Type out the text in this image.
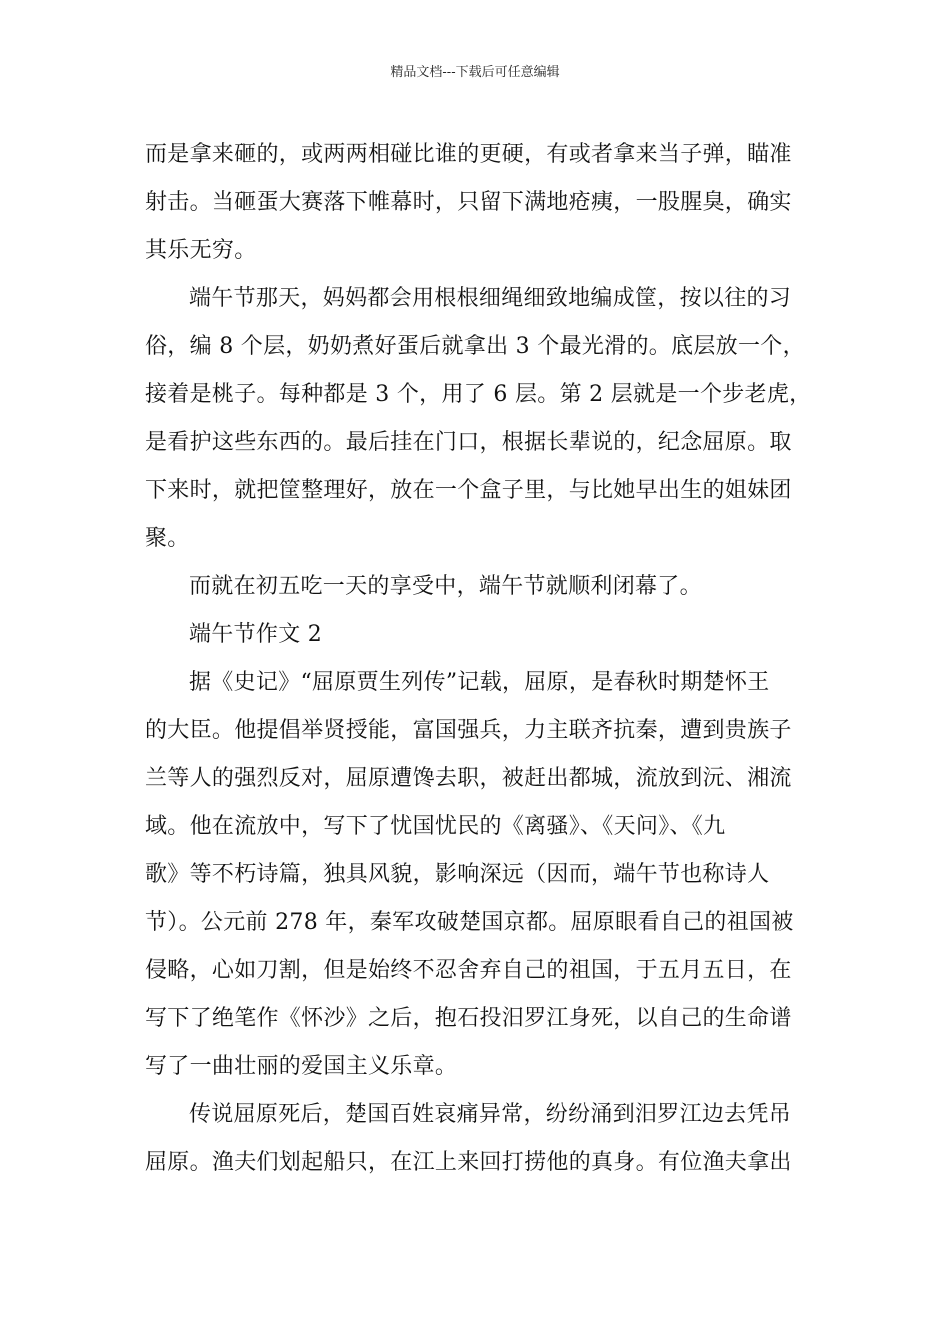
精品文档---下载后可任意编辑
而是拿来砸的，或两两相碰比谁的更硬，有或者拿来当子弹，瞄准
射击。当砸蛋大赛落下帷幕时，只留下满地疮痍，一股腥臭，确实
其乐无穷。
端午节那天，妈妈都会用根根细绳细致地编成筐，按以往的习
俗，编 8 个层，奶奶煮好蛋后就拿出 3 个最光滑的。底层放一个，
接着是桃子。每种都是 3 个，用了 6 层。第 2 层就是一个步老虎，
是看护这些东西的。最后挂在门口，根据长辈说的，纪念屈原。取
下来时，就把筐整理好，放在一个盒子里，与比她早出生的姐妹团
聚。
而就在初五吃一天的享受中，端午节就顺利闭幕了。
端午节作文 2
据《史记》“屈原贾生列传”记载，屈原，是春秋时期楚怀王
的大臣。他提倡举贤授能，富国强兵，力主联齐抗秦，遭到贵族子
兰等人的强烈反对，屈原遭馋去职，被赶出都城，流放到沅、湘流
域。他在流放中，写下了忧国忧民的《离骚》、《天问》、《九
歌》等不朽诗篇，独具风貌，影响深远（因而，端午节也称诗人
节）。公元前 278 年，秦军攻破楚国京都。屈原眼看自己的祖国被
侵略，心如刀割，但是始终不忍舍弃自己的祖国，于五月五日，在
写下了绝笔作《怀沙》之后，抱石投汨罗江身死，以自己的生命谱
写了一曲壮丽的爱国主义乐章。
传说屈原死后，楚国百姓哀痛异常，纷纷涌到汨罗江边去凭吊
屈原。渔夫们划起船只，在江上来回打捞他的真身。有位渔夫拿出
